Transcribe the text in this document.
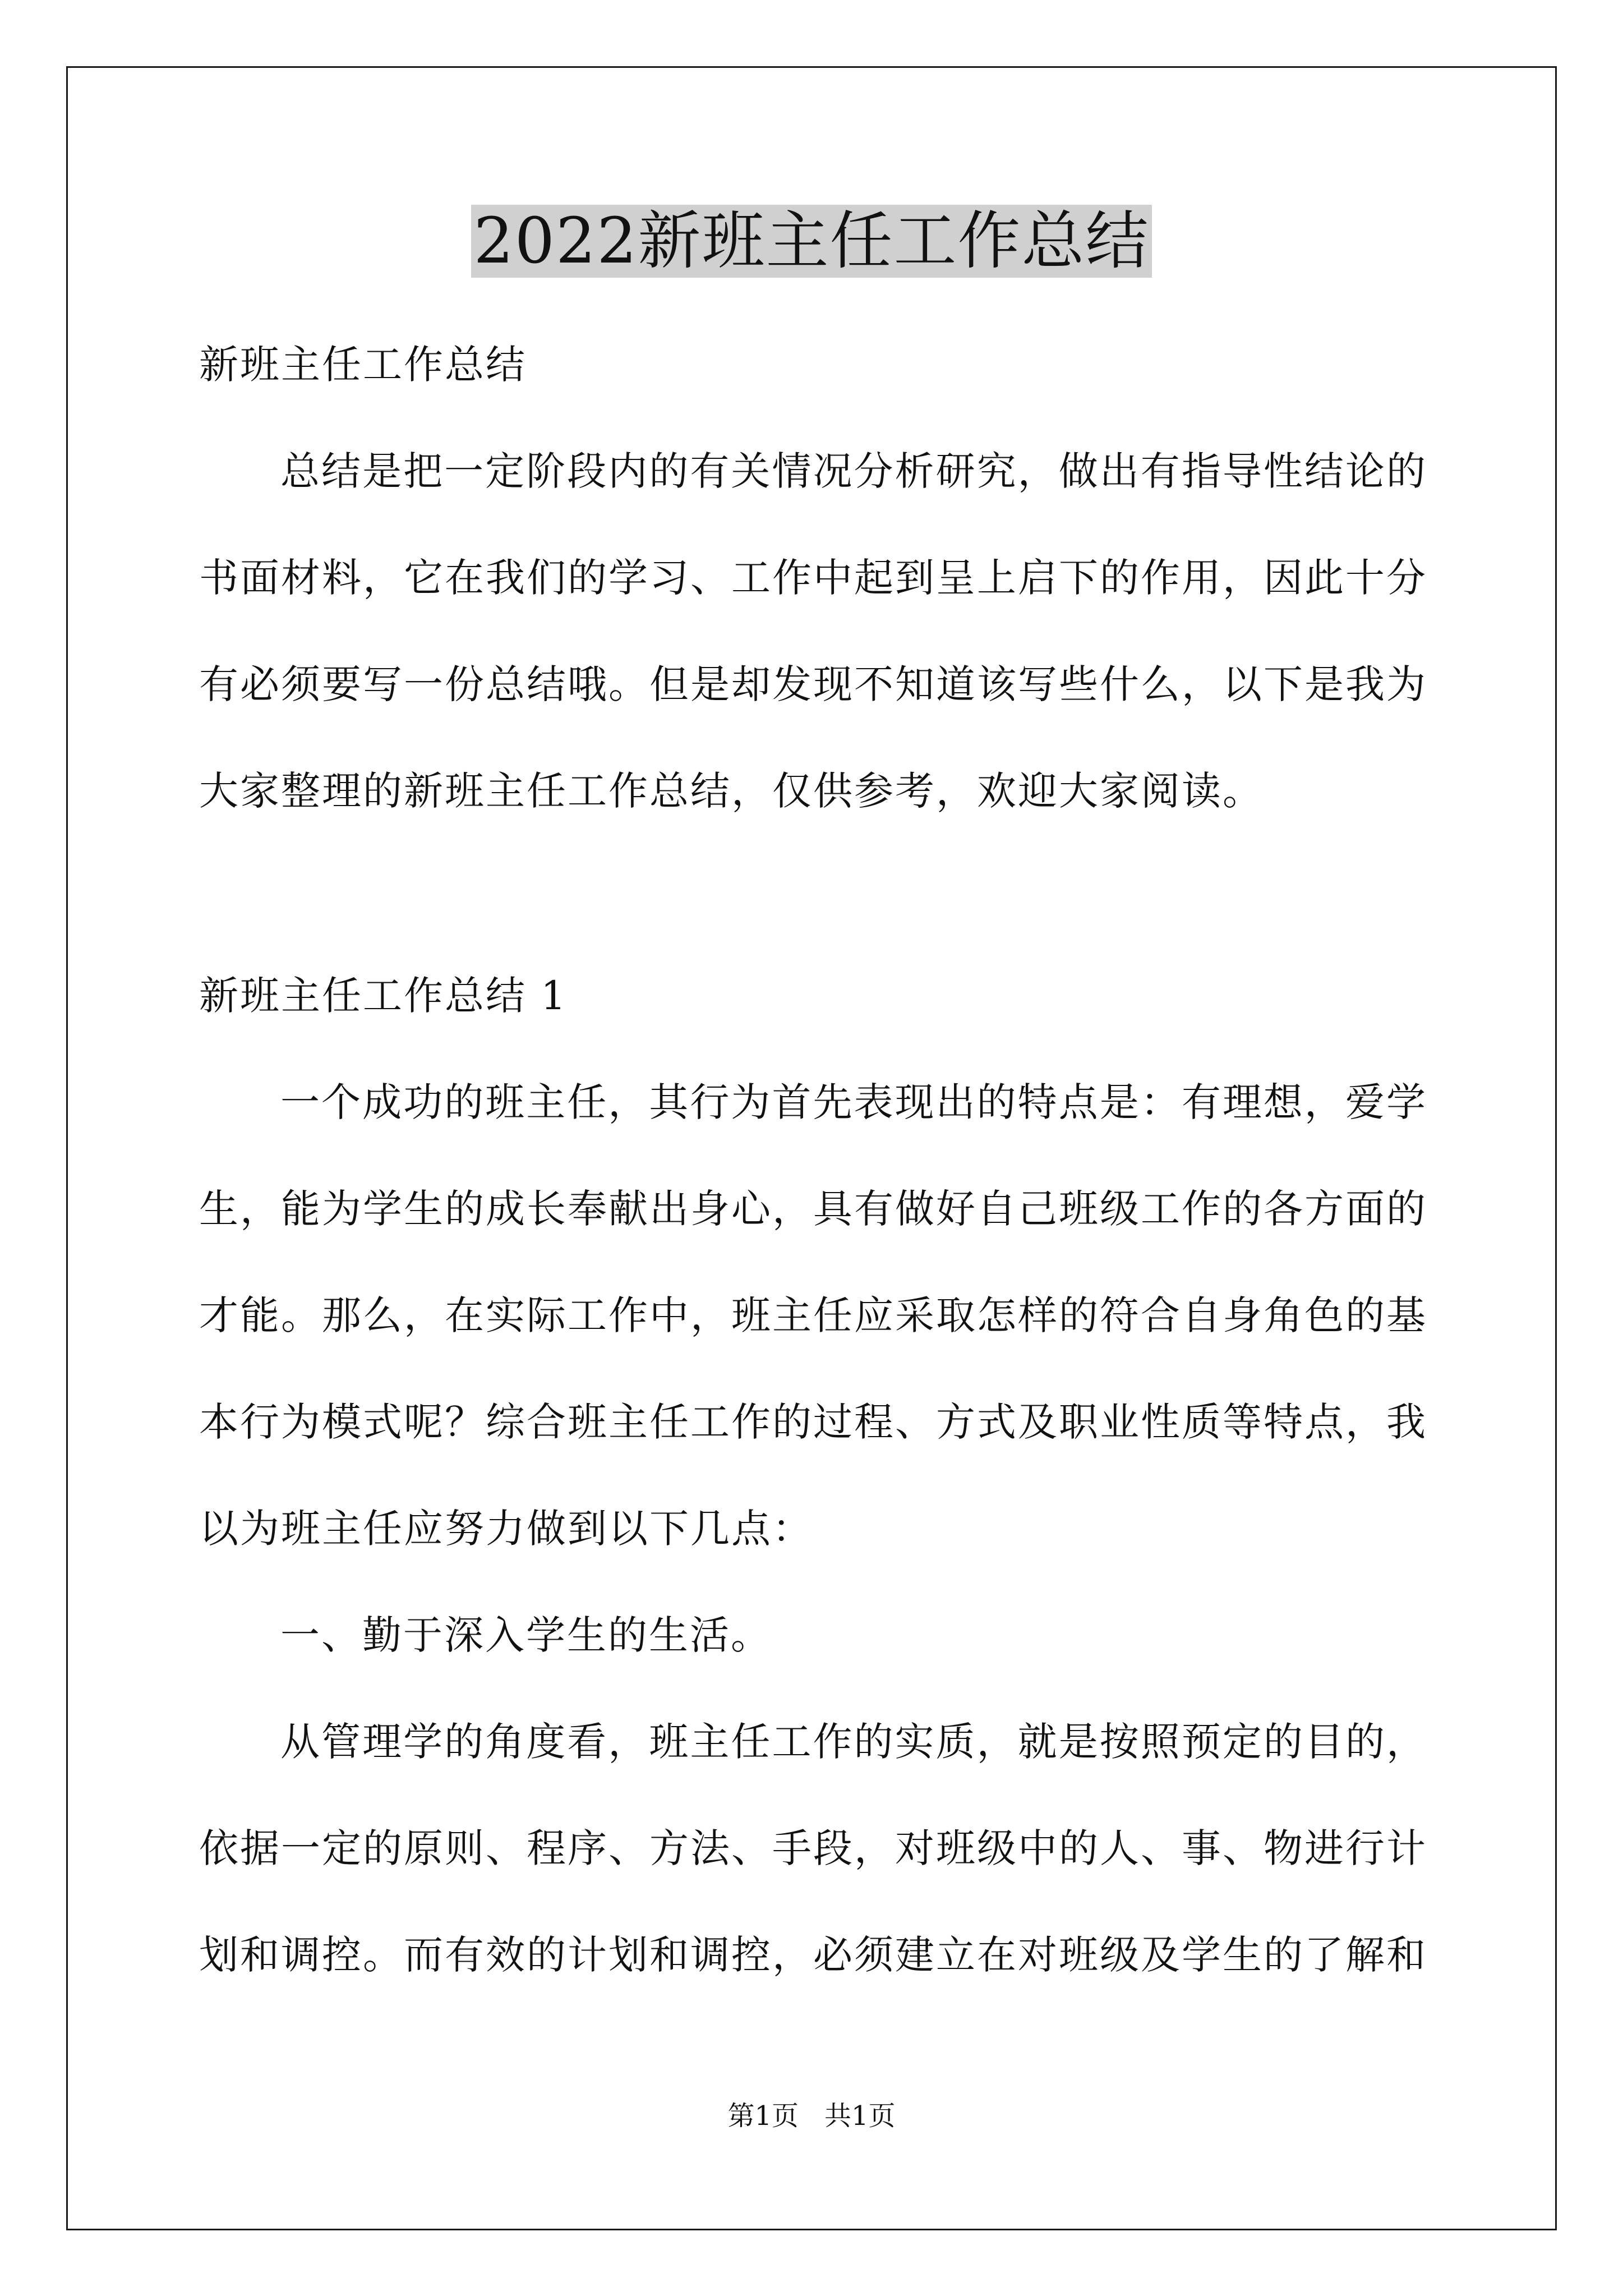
2022新班主任工作总结

新班主任工作总结

总结是把一定阶段内的有关情况分析研究，做出有指导性结论的书面材料，它在我们的学习、工作中起到呈上启下的作用，因此十分有必须要写一份总结哦。但是却发现不知道该写些什么，以下是我为大家整理的新班主任工作总结，仅供参考，欢迎大家阅读。

新班主任工作总结 1

一个成功的班主任，其行为首先表现出的特点是：有理想，爱学生，能为学生的成长奉献出身心，具有做好自己班级工作的各方面的才能。那么，在实际工作中，班主任应采取怎样的符合自身角色的基本行为模式呢？综合班主任工作的过程、方式及职业性质等特点，我以为班主任应努力做到以下几点：

一、勤于深入学生的生活。

从管理学的角度看，班主任工作的实质，就是按照预定的目的，依据一定的原则、程序、方法、手段，对班级中的人、事、物进行计划和调控。而有效的计划和调控，必须建立在对班级及学生的了解和

第1页 共1页
